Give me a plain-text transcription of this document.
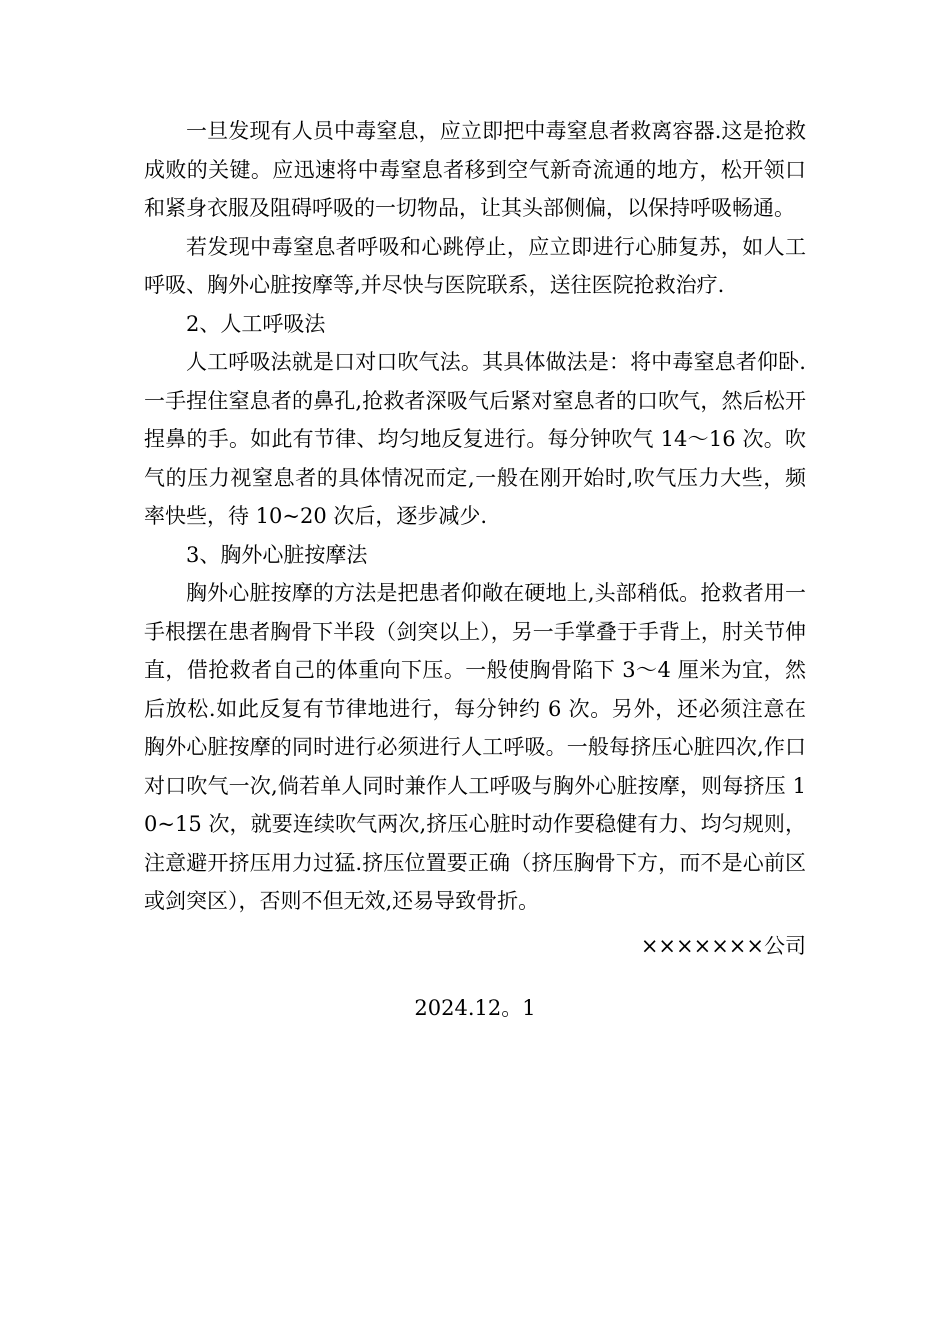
一旦发现有人员中毒窒息，应立即把中毒窒息者救离容器.这是抢救成败的关键。应迅速将中毒窒息者移到空气新奇流通的地方，松开领口和紧身衣服及阻碍呼吸的一切物品，让其头部侧偏，以保持呼吸畅通。

若发现中毒窒息者呼吸和心跳停止，应立即进行心肺复苏，如人工呼吸、胸外心脏按摩等,并尽快与医院联系，送往医院抢救治疗.

2、人工呼吸法

人工呼吸法就是口对口吹气法。其具体做法是：将中毒窒息者仰卧.一手捏住窒息者的鼻孔,抢救者深吸气后紧对窒息者的口吹气，然后松开捏鼻的手。如此有节律、均匀地反复进行。每分钟吹气 14～16 次。吹气的压力视窒息者的具体情况而定,一般在刚开始时,吹气压力大些，频率快些，待 10~20 次后，逐步减少.

3、胸外心脏按摩法

胸外心脏按摩的方法是把患者仰敞在硬地上,头部稍低。抢救者用一手根摆在患者胸骨下半段（剑突以上），另一手掌叠于手背上，肘关节伸直，借抢救者自己的体重向下压。一般使胸骨陷下 3～4 厘米为宜，然后放松.如此反复有节律地进行，每分钟约 6 次。另外，还必须注意在胸外心脏按摩的同时进行必须进行人工呼吸。一般每挤压心脏四次,作口对口吹气一次,倘若单人同时兼作人工呼吸与胸外心脏按摩，则每挤压 10~15 次，就要连续吹气两次,挤压心脏时动作要稳健有力、均匀规则，注意避开挤压用力过猛.挤压位置要正确（挤压胸骨下方，而不是心前区或剑突区），否则不但无效,还易导致骨折。

×××××××公司

2024.12。1
